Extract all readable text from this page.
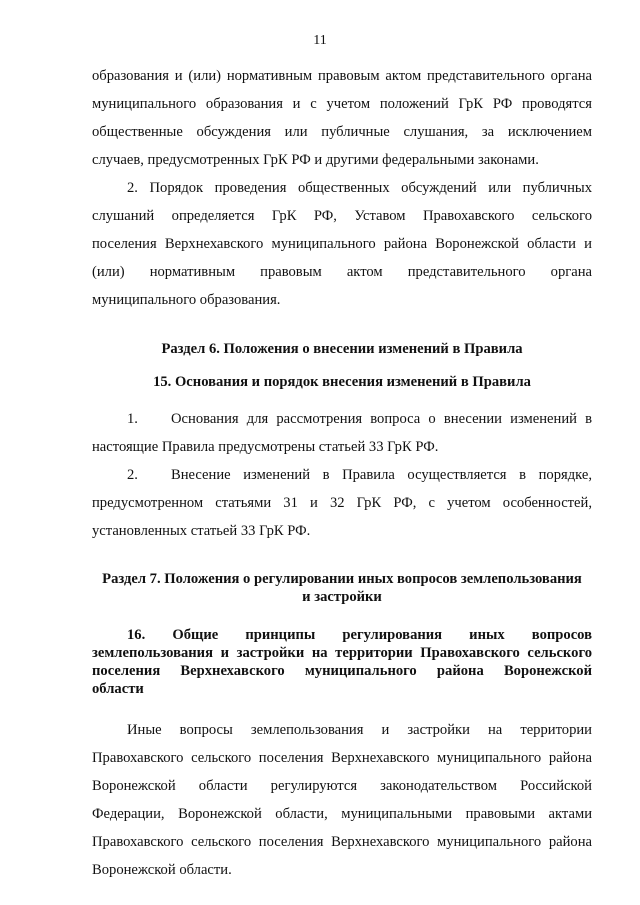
11
образования и (или) нормативным правовым актом представительного органа
муниципального образования и с учетом положений ГрК РФ проводятся
общественные обсуждения или публичные слушания, за исключением
случаев, предусмотренных ГрК РФ и другими федеральными законами.
2. Порядок проведения общественных обсуждений или публичных
слушаний определяется ГрК РФ, Уставом Правохавского сельского
поселения Верхнехавского муниципального района Воронежской области и
(или) нормативным правовым актом представительного органа
муниципального образования.
Раздел 6. Положения о внесении изменений в Правила
15. Основания и порядок внесения изменений в Правила
1. Основания для рассмотрения вопроса о внесении изменений в
настоящие Правила предусмотрены статьей 33 ГрК РФ.
2. Внесение изменений в Правила осуществляется в порядке,
предусмотренном статьями 31 и 32 ГрК РФ, с учетом особенностей,
установленных статьей 33 ГрК РФ.
Раздел 7. Положения о регулировании иных вопросов землепользования
и застройки
16. Общие принципы регулирования иных вопросов
землепользования и застройки на территории Правохавского сельского
поселения Верхнехавского муниципального района Воронежской
области
Иные вопросы землепользования и застройки на территории
Правохавского сельского поселения Верхнехавского муниципального района
Воронежской области регулируются законодательством Российской
Федерации, Воронежской области, муниципальными правовыми актами
Правохавского сельского поселения Верхнехавского муниципального района
Воронежской области.
